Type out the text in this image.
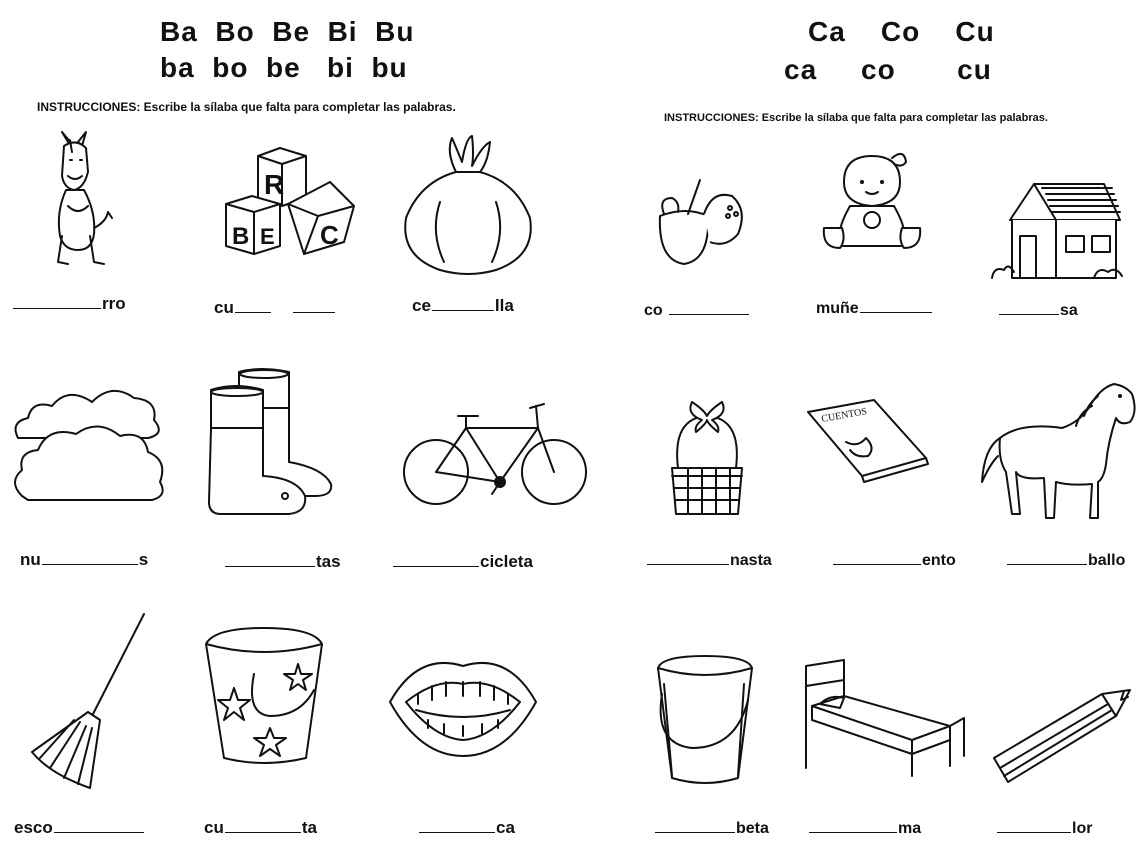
Ba  Bo  Be  Bi  Bu
ba  bo  be   bi  bu
INSTRUCCIONES: Escribe la sílaba que falta para completar las palabras.
R
B E C
rro	cu	ce	lla
nu	s	tas	cicleta
esco	cu	ta	ca
Ca    Co    Cu
ca     co       cu
INSTRUCCIONES: Escribe la sílaba que falta para completar las palabras.
CUENTOS
co	muñe	sa
nasta	ento	ballo
beta	ma	lor
